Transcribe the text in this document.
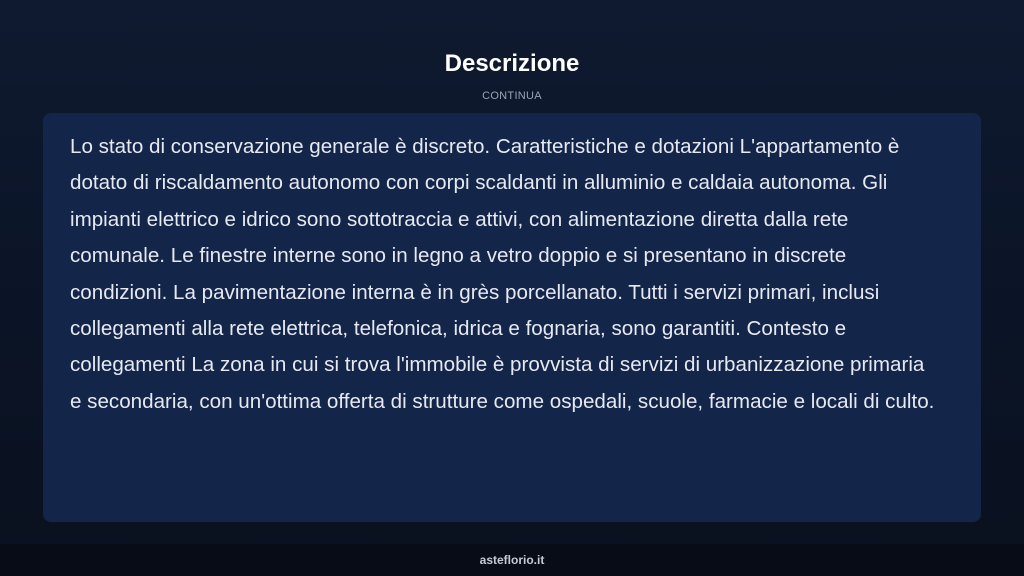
Descrizione
CONTINUA

Lo stato di conservazione generale è discreto. Caratteristiche e dotazioni L'appartamento è dotato di riscaldamento autonomo con corpi scaldanti in alluminio e caldaia autonoma. Gli impianti elettrico e idrico sono sottotraccia e attivi, con alimentazione diretta dalla rete comunale. Le finestre interne sono in legno a vetro doppio e si presentano in discrete condizioni. La pavimentazione interna è in grès porcellanato. Tutti i servizi primari, inclusi collegamenti alla rete elettrica, telefonica, idrica e fognaria, sono garantiti. Contesto e collegamenti La zona in cui si trova l'immobile è provvista di servizi di urbanizzazione primaria e secondaria, con un'ottima offerta di strutture come ospedali, scuole, farmacie e locali di culto.

asteflorio.it
